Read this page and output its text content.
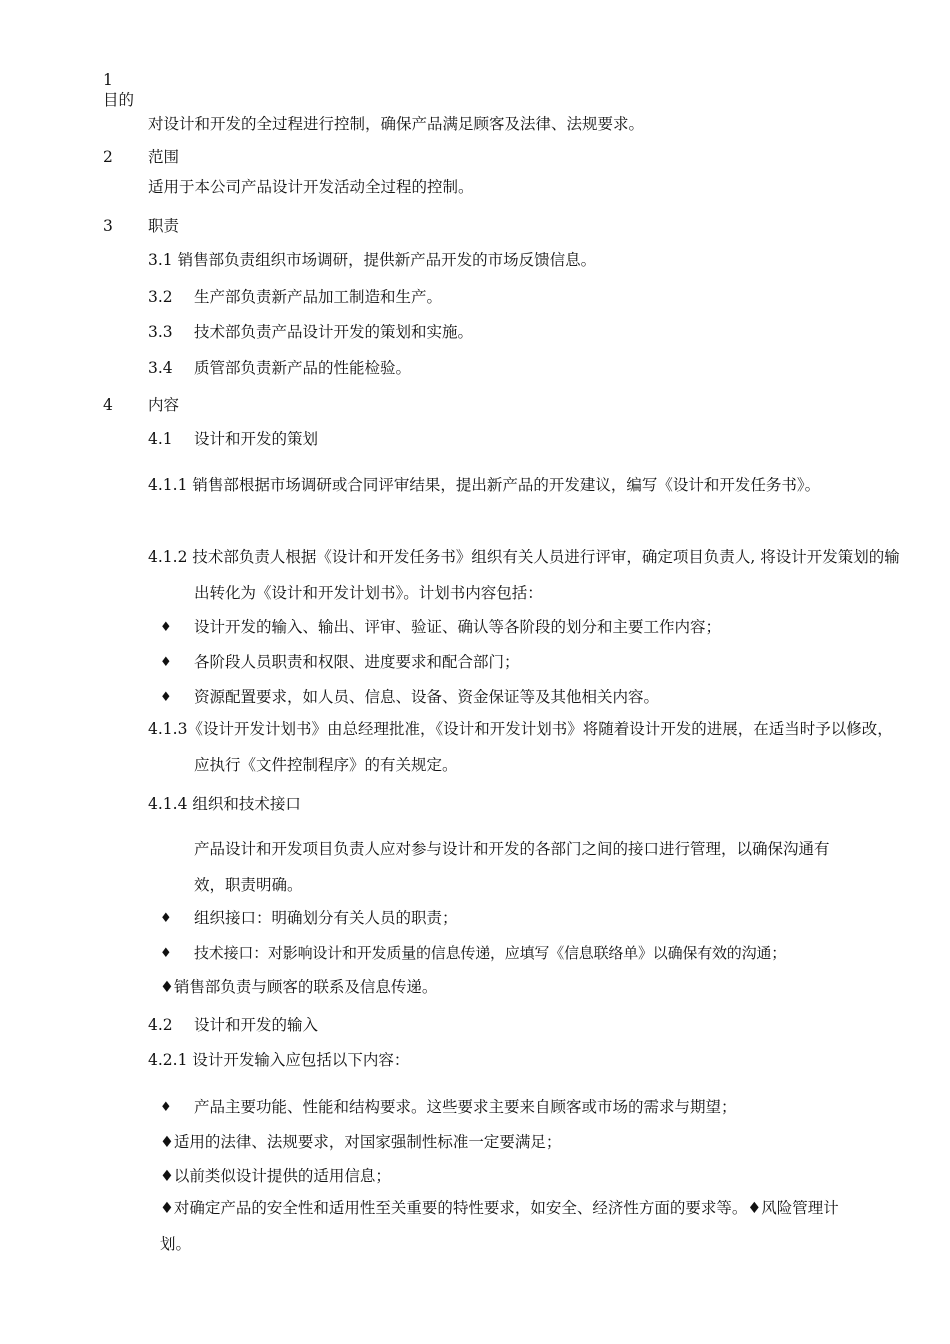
1
目的
对设计和开发的全过程进行控制，确保产品满足顾客及法律、法规要求。
2 范围
适用于本公司产品设计开发活动全过程的控制。
3 职责
3.1 销售部负责组织市场调研，提供新产品开发的市场反馈信息。
3.2 生产部负责新产品加工制造和生产。
3.3 技术部负责产品设计开发的策划和实施。
3.4 质管部负责新产品的性能检验。
4 内容
4.1 设计和开发的策划
4.1.1 销售部根据市场调研或合同评审结果，提出新产品的开发建议，编写《设计和开发任务书》。
4.1.2 技术部负责人根据《设计和开发任务书》组织有关人员进行评审，确定项目负责人, 将设计开发策划的输出转化为《设计和开发计划书》。计划书内容包括：
♦ 设计开发的输入、输出、评审、验证、确认等各阶段的划分和主要工作内容；
♦ 各阶段人员职责和权限、进度要求和配合部门；
♦ 资源配置要求，如人员、信息、设备、资金保证等及其他相关内容。
4.1.3《设计开发计划书》由总经理批准，《设计和开发计划书》将随着设计开发的进展，在适当时予以修改，应执行《文件控制程序》的有关规定。
4.1.4 组织和技术接口
产品设计和开发项目负责人应对参与设计和开发的各部门之间的接口进行管理，以确保沟通有效，职责明确。
♦ 组织接口：明确划分有关人员的职责；
♦ 技术接口：对影响设计和开发质量的信息传递，应填写《信息联络单》以确保有效的沟通；
♦销售部负责与顾客的联系及信息传递。
4.2 设计和开发的输入
4.2.1 设计开发输入应包括以下内容：
♦ 产品主要功能、性能和结构要求。这些要求主要来自顾客或市场的需求与期望；
♦适用的法律、法规要求，对国家强制性标准一定要满足；
♦以前类似设计提供的适用信息；
♦对确定产品的安全性和适用性至关重要的特性要求，如安全、经济性方面的要求等。♦风险管理计划。
